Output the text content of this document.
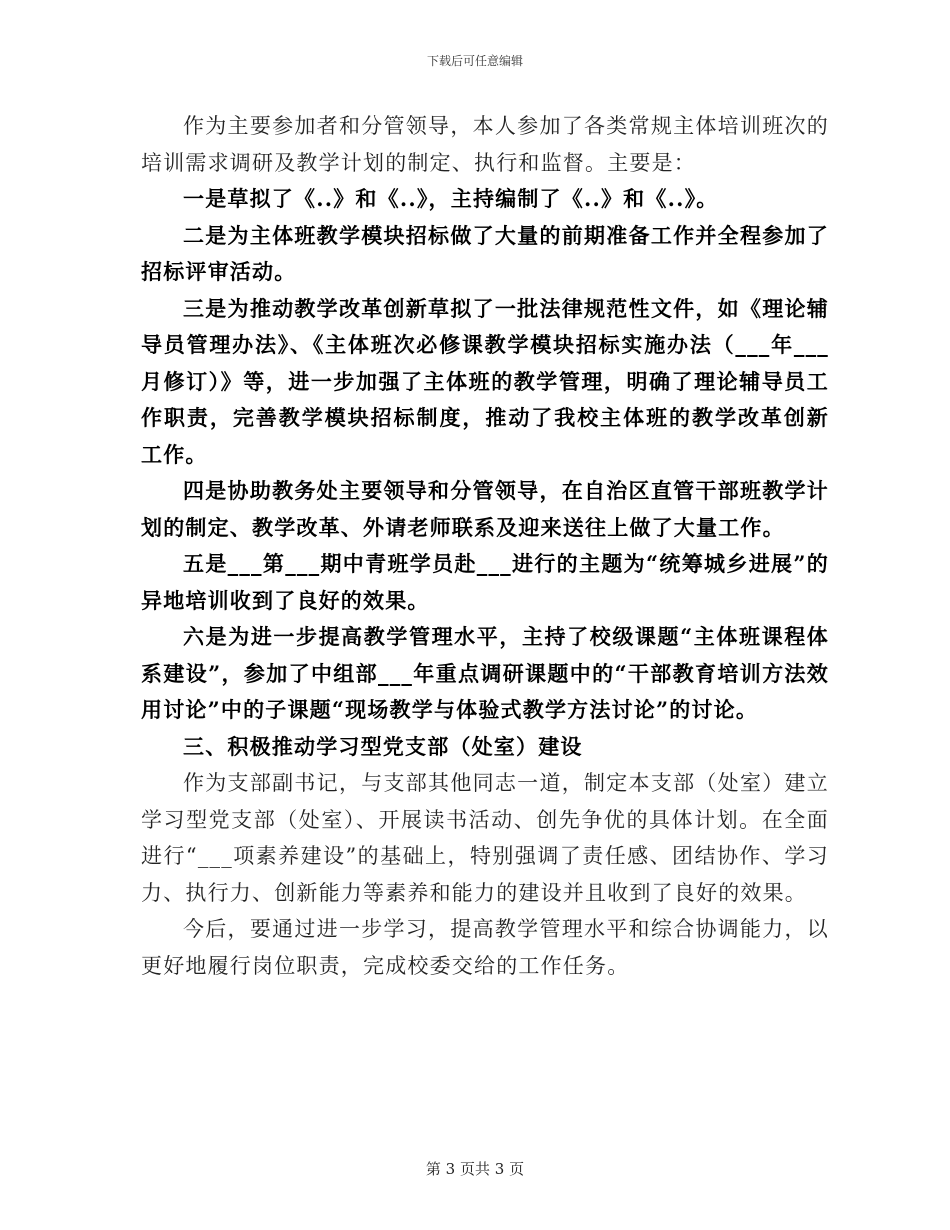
下载后可任意编辑

作为主要参加者和分管领导，本人参加了各类常规主体培训班次的培训需求调研及教学计划的制定、执行和监督。主要是：

一是草拟了《..》和《..》，主持编制了《..》和《..》。

二是为主体班教学模块招标做了大量的前期准备工作并全程参加了招标评审活动。

三是为推动教学改革创新草拟了一批法律规范性文件，如《理论辅导员管理办法》、《主体班次必修课教学模块招标实施办法（___年___月修订）》等，进一步加强了主体班的教学管理，明确了理论辅导员工作职责，完善教学模块招标制度，推动了我校主体班的教学改革创新工作。

四是协助教务处主要领导和分管领导，在自治区直管干部班教学计划的制定、教学改革、外请老师联系及迎来送往上做了大量工作。

五是___第___期中青班学员赴___进行的主题为“统筹城乡进展”的异地培训收到了良好的效果。

六是为进一步提高教学管理水平，主持了校级课题“主体班课程体系建设”，参加了中组部___年重点调研课题中的“干部教育培训方法效用讨论”中的子课题“现场教学与体验式教学方法讨论”的讨论。

三、积极推动学习型党支部（处室）建设

作为支部副书记，与支部其他同志一道，制定本支部（处室）建立学习型党支部（处室）、开展读书活动、创先争优的具体计划。在全面进行“___项素养建设”的基础上，特别强调了责任感、团结协作、学习力、执行力、创新能力等素养和能力的建设并且收到了良好的效果。

今后，要通过进一步学习，提高教学管理水平和综合协调能力，以更好地履行岗位职责，完成校委交给的工作任务。

第 3 页共 3 页
